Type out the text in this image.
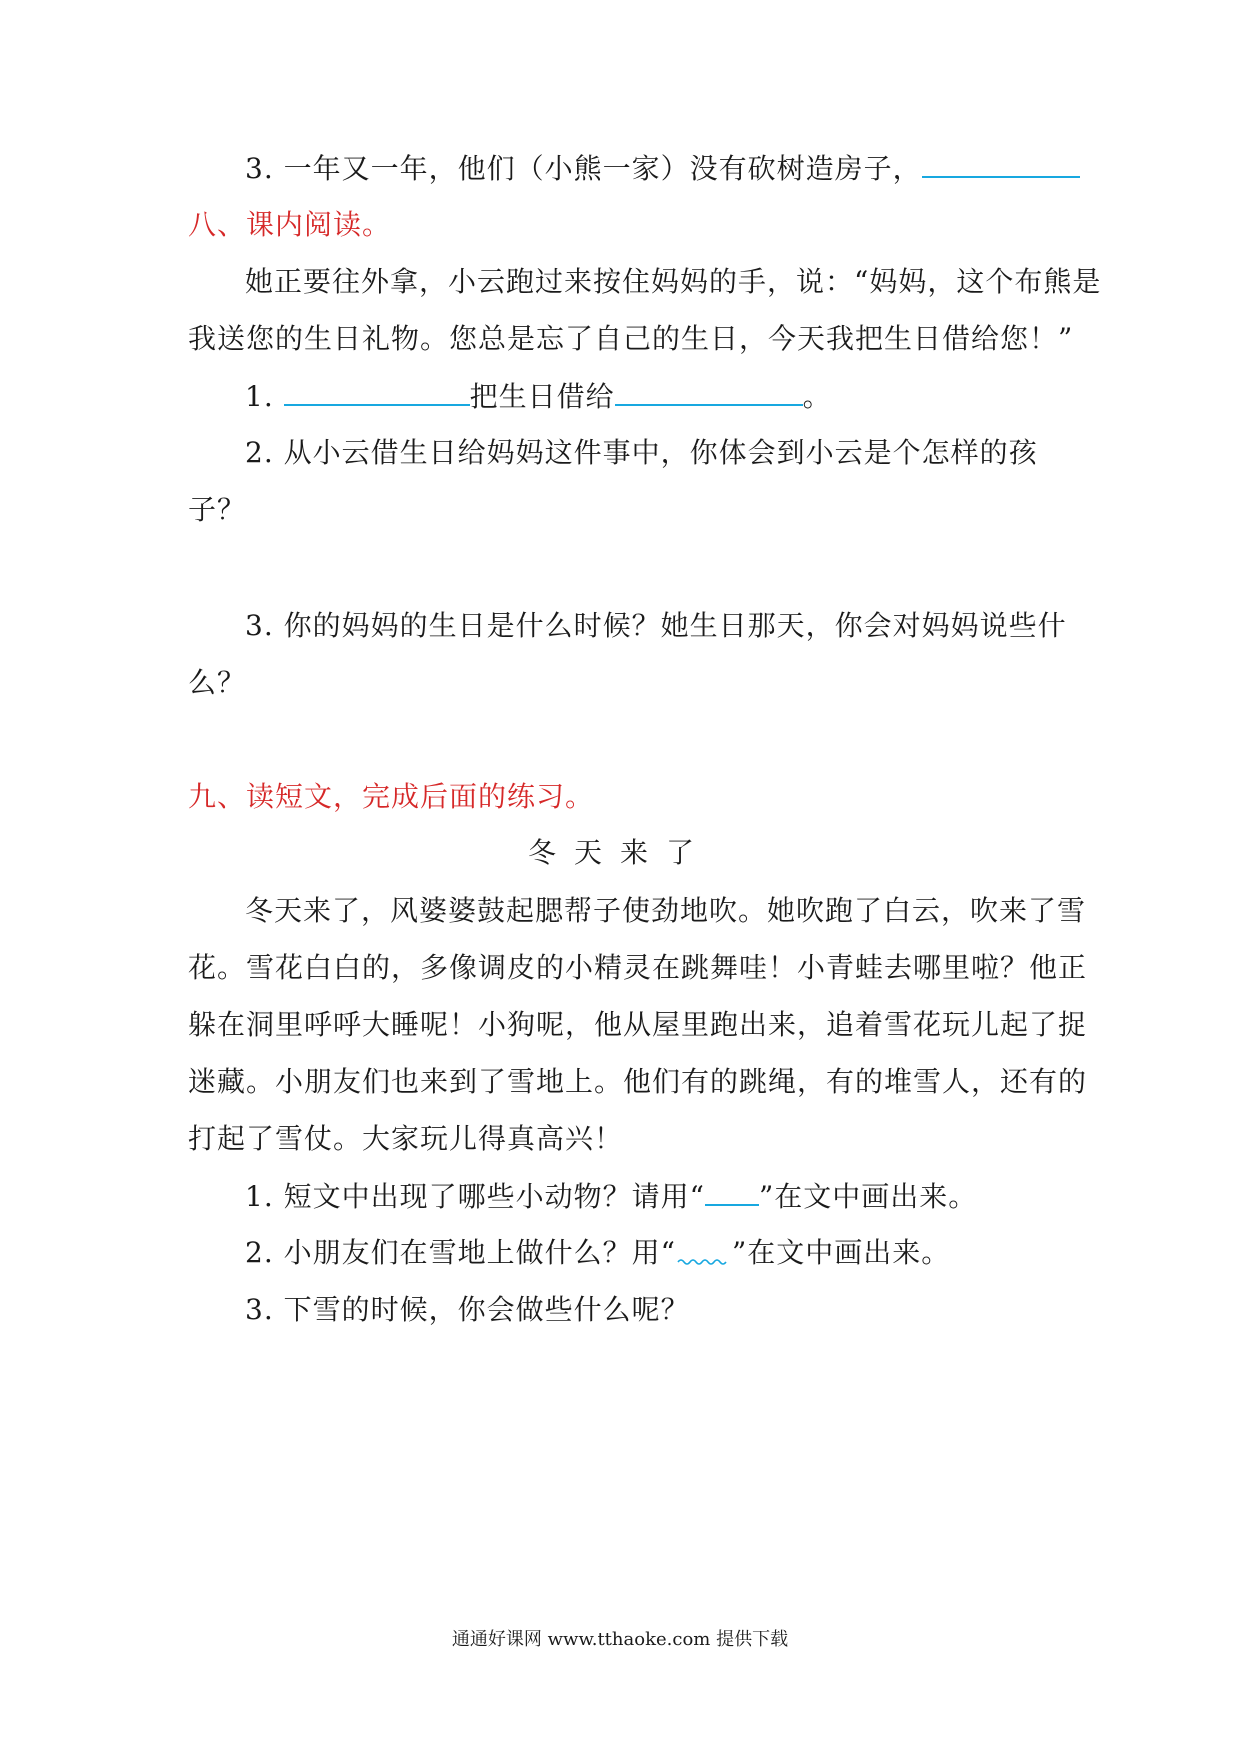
3. 一年又一年，他们（小熊一家）没有砍树造房子，
八、课内阅读。
她正要往外拿，小云跑过来按住妈妈的手，说：“妈妈，这个布熊是
我送您的生日礼物。您总是忘了自己的生日，今天我把生日借给您！”
1.	把生日借给	。
2. 从小云借生日给妈妈这件事中，你体会到小云是个怎样的孩
子？
3. 你的妈妈的生日是什么时候？她生日那天，你会对妈妈说些什
么？
九、读短文，完成后面的练习。
冬天来了
冬天来了，风婆婆鼓起腮帮子使劲地吹。她吹跑了白云，吹来了雪
花。雪花白白的，多像调皮的小精灵在跳舞哇！小青蛙去哪里啦？他正
躲在洞里呼呼大睡呢！小狗呢，他从屋里跑出来，追着雪花玩儿起了捉
迷藏。小朋友们也来到了雪地上。他们有的跳绳，有的堆雪人，还有的
打起了雪仗。大家玩儿得真高兴！
1. 短文中出现了哪些小动物？请用“ ”在文中画出来。
2. 小朋友们在雪地上做什么？用“ ”在文中画出来。
3. 下雪的时候，你会做些什么呢？
通通好课网 www.tthaoke.com 提供下载
